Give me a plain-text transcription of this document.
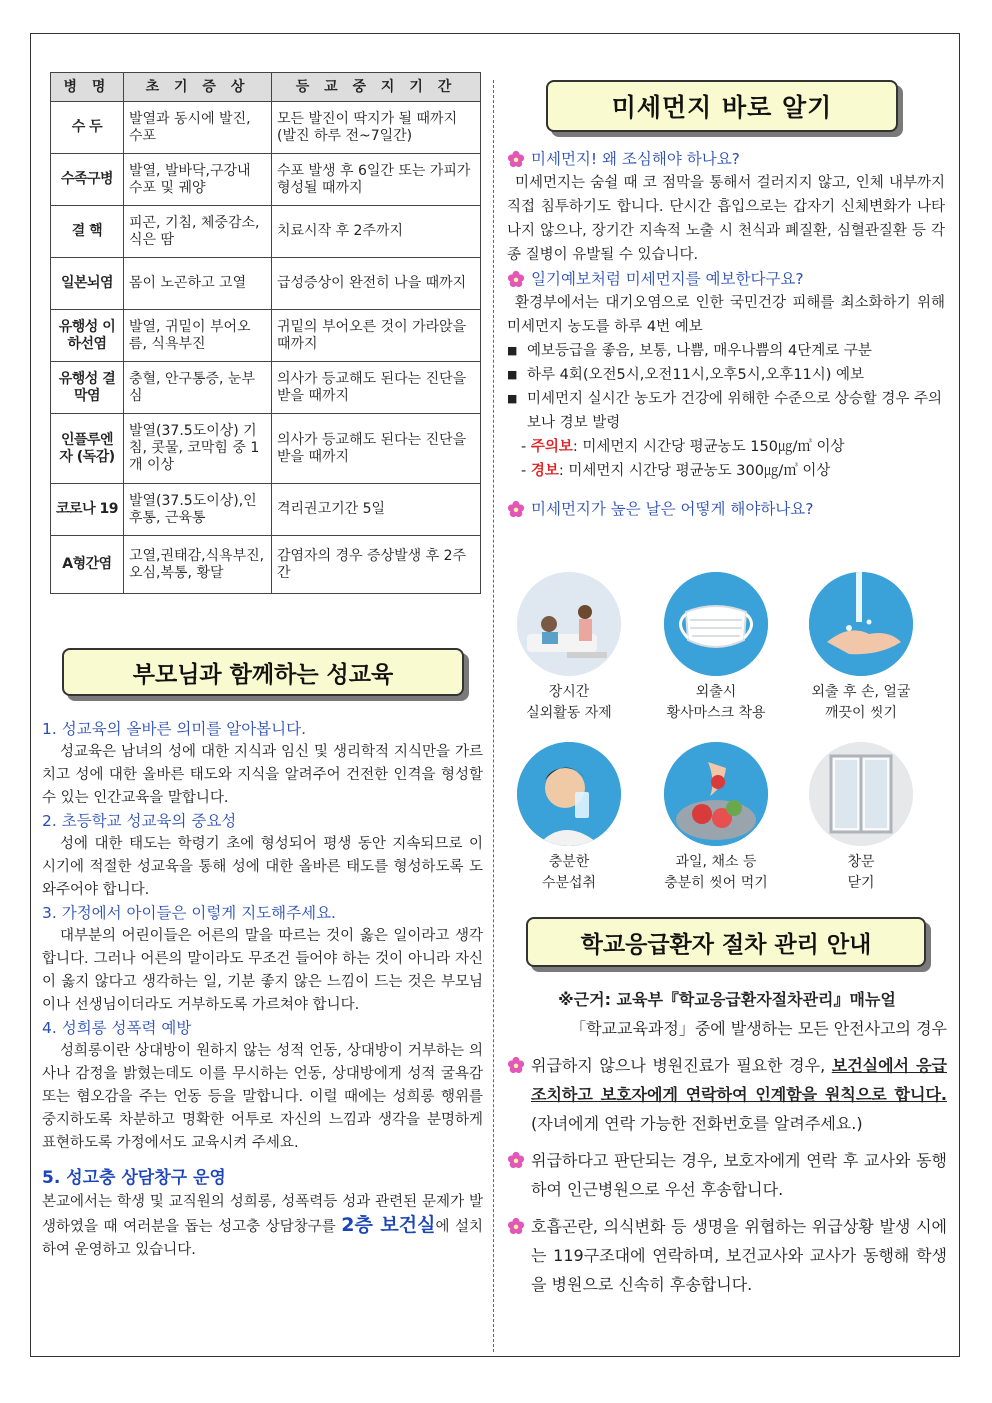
병 명	초 기 증 상	등 교 중 지 기 간
수 두	발열과 동시에 발진, 수포	모든 발진이 딱지가 될 때까지(발진 하루 전~7일간)
수족구병	발열, 발바닥,구강내 수포 및 궤양	수포 발생 후 6일간 또는 가피가 형성될 때까지
결 핵	피곤, 기침, 체중감소, 식은 땀	치료시작 후 2주까지
일본뇌염	몸이 노곤하고 고열	급성증상이 완전히 나을 때까지
유행성 이하선염	발열, 귀밑이 부어오름, 식욕부진	귀밑의 부어오른 것이 가라앉을 때까지
유행성 결막염	충혈, 안구통증, 눈부심	의사가 등교해도 된다는 진단을 받을 때까지
인플루엔자 (독감)	발열(37.5도이상) 기침, 콧물, 코막힘 중 1개 이상	의사가 등교해도 된다는 진단을 받을 때까지
코로나 19	발열(37.5도이상),인후통, 근육통	격리권고기간 5일
A형간염	고열,권태감,식욕부진,오심,복통, 황달	감염자의 경우 증상발생 후 2주간
부모님과 함께하는 성교육

1. 성교육의 올바른 의미를 알아봅니다.

성교육은 남녀의 성에 대한 지식과 임신 및 생리학적 지식만을 가르치고 성에 대한 올바른 태도와 지식을 알려주어 건전한 인격을 형성할 수 있는 인간교육을 말합니다.

2. 초등학교 성교육의 중요성

성에 대한 태도는 학령기 초에 형성되어 평생 동안 지속되므로 이 시기에 적절한 성교육을 통해 성에 대한 올바른 태도를 형성하도록 도와주어야 합니다.

3. 가정에서 아이들은 이렇게 지도해주세요.

대부분의 어린이들은 어른의 말을 따르는 것이 옳은 일이라고 생각합니다. 그러나 어른의 말이라도 무조건 들어야 하는 것이 아니라 자신이 옳지 않다고 생각하는 일, 기분 좋지 않은 느낌이 드는 것은 부모님이나 선생님이더라도 거부하도록 가르쳐야 합니다.

4. 성희롱 성폭력 예방

성희롱이란 상대방이 원하지 않는 성적 언동, 상대방이 거부하는 의사나 감정을 밝혔는데도 이를 무시하는 언동, 상대방에게 성적 굴욕감 또는 혐오감을 주는 언동 등을 말합니다. 이럴 때에는 성희롱 행위를 중지하도록 차분하고 명확한 어투로 자신의 느낌과 생각을 분명하게 표현하도록 가정에서도 교육시켜 주세요.

5. 성고충 상담창구 운영

본교에서는 학생 및 교직원의 성희롱, 성폭력등 성과 관련된 문제가 발생하였을 때 여러분을 돕는 성고충 상담창구를 2층 보건실에 설치하여 운영하고 있습니다.

미세먼지 바로 알기
미세먼지! 왜 조심해야 하나요?

미세먼지는 숨쉴 때 코 점막을 통해서 걸러지지 않고, 인체 내부까지 직접 침투하기도 합니다. 단시간 흡입으로는 갑자기 신체변화가 나타나지 않으나, 장기간 지속적 노출 시 천식과 폐질환, 심혈관질환 등 각종 질병이 유발될 수 있습니다.

일기예보처럼 미세먼지를 예보한다구요?

환경부에서는 대기오염으로 인한 국민건강 피해를 최소화하기 위해 미세먼지 농도를 하루 4번 예보

■ 예보등급을 좋음, 보통, 나쁨, 매우나쁨의 4단계로 구분
■ 하루 4회(오전5시,오전11시,오후5시,오후11시) 예보
■ 미세먼지 실시간 농도가 건강에 위해한 수준으로 상승할 경우 주의보나 경보 발령

- 주의보: 미세먼지 시간당 평균농도 150㎍/㎥ 이상

- 경보: 미세먼지 시간당 평균농도 300㎍/㎥ 이상

미세먼지가 높은 날은 어떻게 해야하나요?
장시간
실외활동 자제
외출시
황사마스크 착용
외출 후 손, 얼굴
깨끗이 씻기
충분한
수분섭취
과일, 채소 등
충분히 씻어 먹기
창문
닫기
학교응급환자 절차 관리 안내

※근거: 교육부『학교응급환자절차관리』매뉴얼

「학교교육과정」중에 발생하는 모든 안전사고의 경우

위급하지 않으나 병원진료가 필요한 경우, 보건실에서 응급조치하고 보호자에게 연락하여 인계함을 원칙으로 합니다.(자녀에게 연락 가능한 전화번호를 알려주세요.)

위급하다고 판단되는 경우, 보호자에게 연락 후 교사와 동행하여 인근병원으로 우선 후송합니다.

호흡곤란, 의식변화 등 생명을 위협하는 위급상황 발생 시에는 119구조대에 연락하며, 보건교사와 교사가 동행해 학생을 병원으로 신속히 후송합니다.
